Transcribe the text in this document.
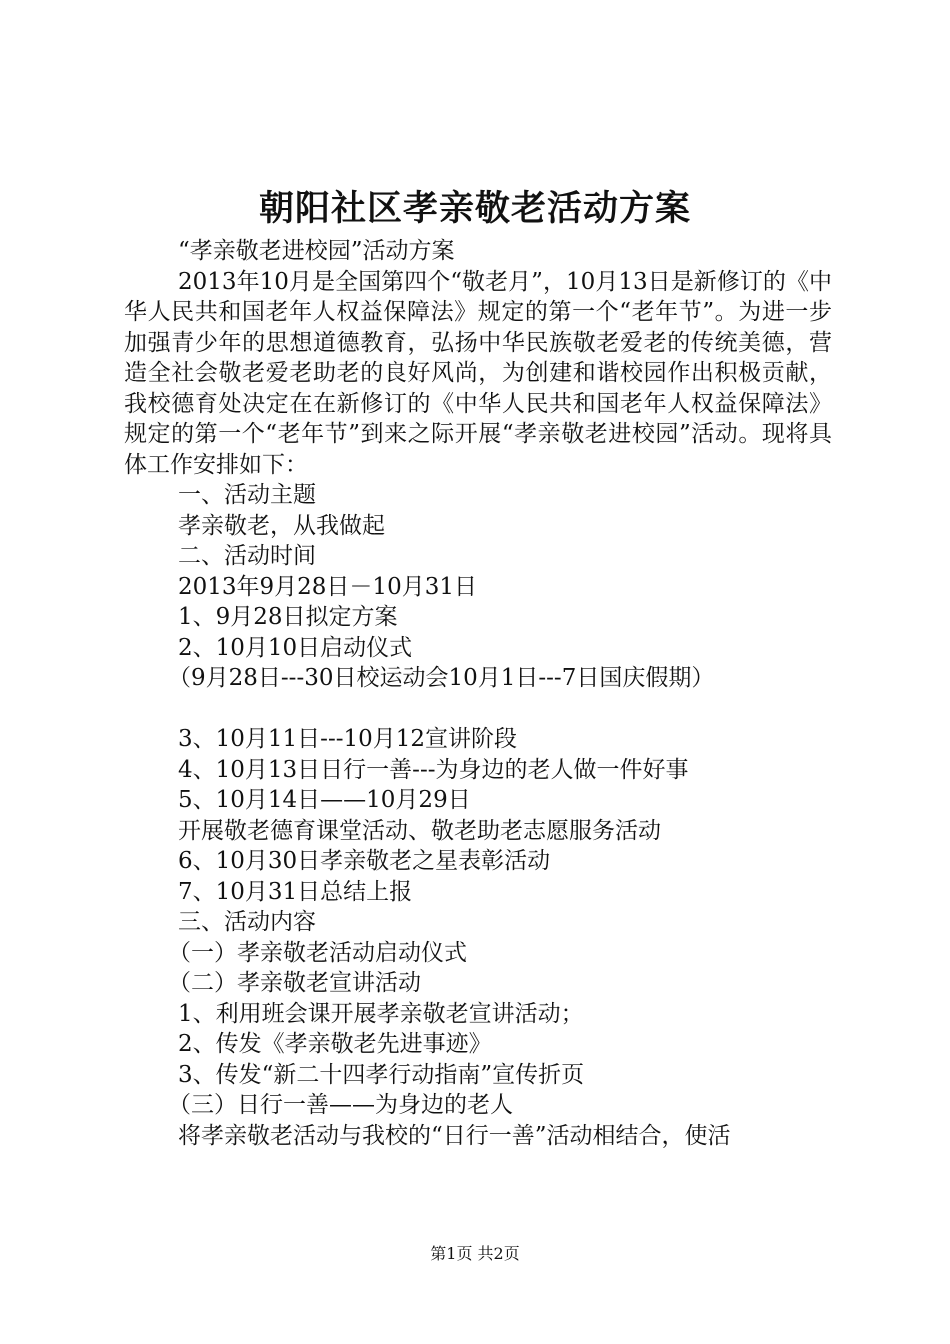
朝阳社区孝亲敬老活动方案

“孝亲敬老进校园”活动方案

2013年10月是全国第四个“敬老月”，10月13日是新修订的《中华人民共和国老年人权益保障法》规定的第一个“老年节”。为进一步加强青少年的思想道德教育，弘扬中华民族敬老爱老的传统美德，营造全社会敬老爱老助老的良好风尚，为创建和谐校园作出积极贡献，我校德育处决定在在新修订的《中华人民共和国老年人权益保障法》规定的第一个“老年节”到来之际开展“孝亲敬老进校园”活动。现将具体工作安排如下：

一、活动主题

孝亲敬老，从我做起

二、活动时间

2013年9月28日－10月31日

1、9月28日拟定方案

2、10月10日启动仪式

（9月28日---30日校运动会10月1日---7日国庆假期）

3、10月11日---10月12宣讲阶段

4、10月13日日行一善---为身边的老人做一件好事

5、10月14日——10月29日

开展敬老德育课堂活动、敬老助老志愿服务活动

6、10月30日孝亲敬老之星表彰活动

7、10月31日总结上报

三、活动内容

（一）孝亲敬老活动启动仪式

（二）孝亲敬老宣讲活动

1、利用班会课开展孝亲敬老宣讲活动；

2、传发《孝亲敬老先进事迹》

3、传发“新二十四孝行动指南”宣传折页

（三）日行一善——为身边的老人

将孝亲敬老活动与我校的“日行一善”活动相结合，使活

第1页 共2页
